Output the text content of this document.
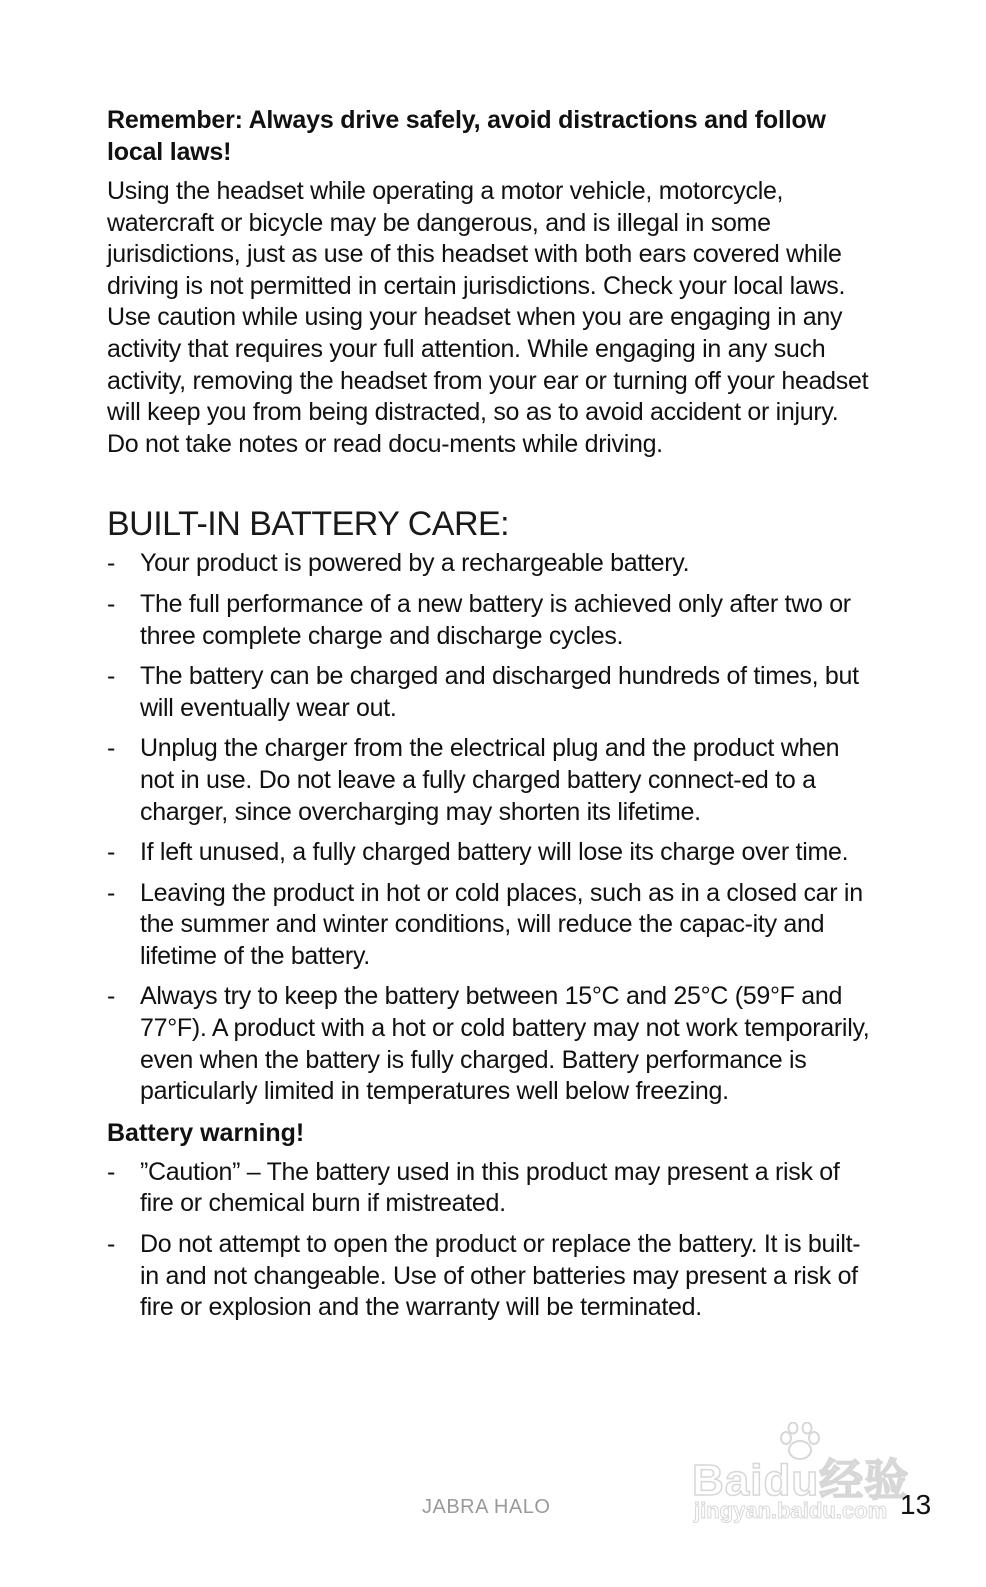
Remember: Always drive safely, avoid distractions and follow local laws!

Using the headset while operating a motor vehicle, motorcycle, watercraft or bicycle may be dangerous, and is illegal in some jurisdictions, just as use of this headset with both ears covered while driving is not permitted in certain jurisdictions. Check your local laws. Use caution while using your headset when you are engaging in any activity that requires your full attention. While engaging in any such activity, removing the headset from your ear or turning off your headset will keep you from being distracted, so as to avoid accident or injury. Do not take notes or read docu-ments while driving.

BUILT-IN BATTERY CARE:
- Your product is powered by a rechargeable battery.
- The full performance of a new battery is achieved only after two or three complete charge and discharge cycles.
- The battery can be charged and discharged hundreds of times, but will eventually wear out.
- Unplug the charger from the electrical plug and the product when not in use. Do not leave a fully charged battery connect-ed to a charger, since overcharging may shorten its lifetime.
- If left unused, a fully charged battery will lose its charge over time.
- Leaving the product in hot or cold places, such as in a closed car in the summer and winter conditions, will reduce the capac-ity and lifetime of the battery.
- Always try to keep the battery between 15°C and 25°C (59°F and 77°F). A product with a hot or cold battery may not work temporarily, even when the battery is fully charged. Battery performance is particularly limited in temperatures well below freezing.

Battery warning!

- ”Caution” – The battery used in this product may present a risk of fire or chemical burn if mistreated.
- Do not attempt to open the product or replace the battery. It is built-in and not changeable. Use of other batteries may present a risk of fire or explosion and the warranty will be terminated.
Baidu经验
jingyan.baidu.com
JABRA HALO	13
